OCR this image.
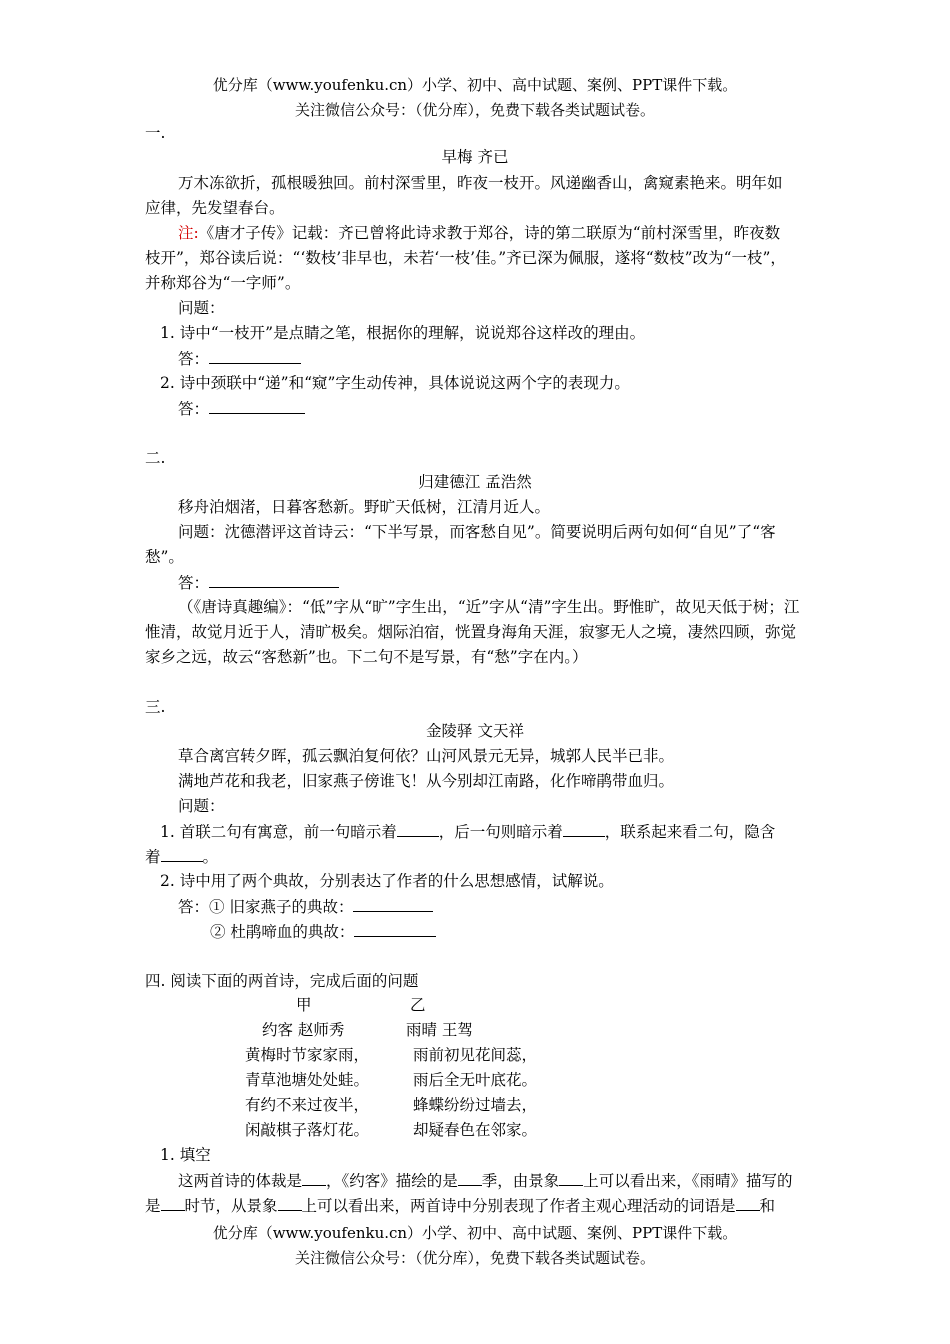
优分库（www.youfenku.cn）小学、初中、高中试题、案例、PPT课件下载。
关注微信公众号：（优分库），免费下载各类试题试卷。
一.
早梅 齐已
万木冻欲折，孤根暖独回。前村深雪里，昨夜一枝开。风递幽香山，禽窥素艳来。明年如
应律，先发望春台。
注:《唐才子传》记载：齐已曾将此诗求教于郑谷，诗的第二联原为“前村深雪里，昨夜数
枝开”，郑谷读后说：“‘数枝’非早也，未若‘一枝’佳。”齐已深为佩服，遂将“数枝”改为“一枝”，
并称郑谷为“一字师”。
问题：
1. 诗中“一枝开”是点睛之笔，根据你的理解，说说郑谷这样改的理由。
答：
2. 诗中颈联中“递”和“窥”字生动传神，具体说说这两个字的表现力。
答：
二.
归建德江 孟浩然
移舟泊烟渚，日暮客愁新。野旷天低树，江清月近人。
问题：沈德潜评这首诗云：“下半写景，而客愁自见”。简要说明后两句如何“自见”了“客
愁”。
答：
（《唐诗真趣编》：“低”字从“旷”字生出，“近”字从“清”字生出。野惟旷，故见天低于树；江
惟清，故觉月近于人，清旷极矣。烟际泊宿，恍置身海角天涯，寂寥无人之境，凄然四顾，弥觉
家乡之远，故云“客愁新”也。下二句不是写景，有“愁”字在内。）
三.
金陵驿 文天祥
草合离宫转夕晖，孤云飘泊复何依？山河风景元无异，城郭人民半已非。
满地芦花和我老，旧家燕子傍谁飞！从今别却江南路，化作啼鹃带血归。
问题：
1. 首联二句有寓意，前一句暗示着	，后一句则暗示着	，联系起来看二句，隐含
着	。
2. 诗中用了两个典故，分别表达了作者的什么思想感情，试解说。
答：① 旧家燕子的典故：
② 杜鹃啼血的典故：
四. 阅读下面的两首诗，完成后面的问题
甲	乙
约客 赵师秀	雨晴 王驾
黄梅时节家家雨，	雨前初见花间蕊，
青草池塘处处蛙。	雨后全无叶底花。
有约不来过夜半，	蜂蝶纷纷过墙去，
闲敲棋子落灯花。	却疑春色在邻家。
1. 填空
这两首诗的体裁是 ，《约客》描绘的是 季，由景象 上可以看出来，《雨晴》描写的
是 时节，从景象 上可以看出来，两首诗中分别表现了作者主观心理活动的词语是 和
优分库（www.youfenku.cn）小学、初中、高中试题、案例、PPT课件下载。
关注微信公众号：（优分库），免费下载各类试题试卷。
